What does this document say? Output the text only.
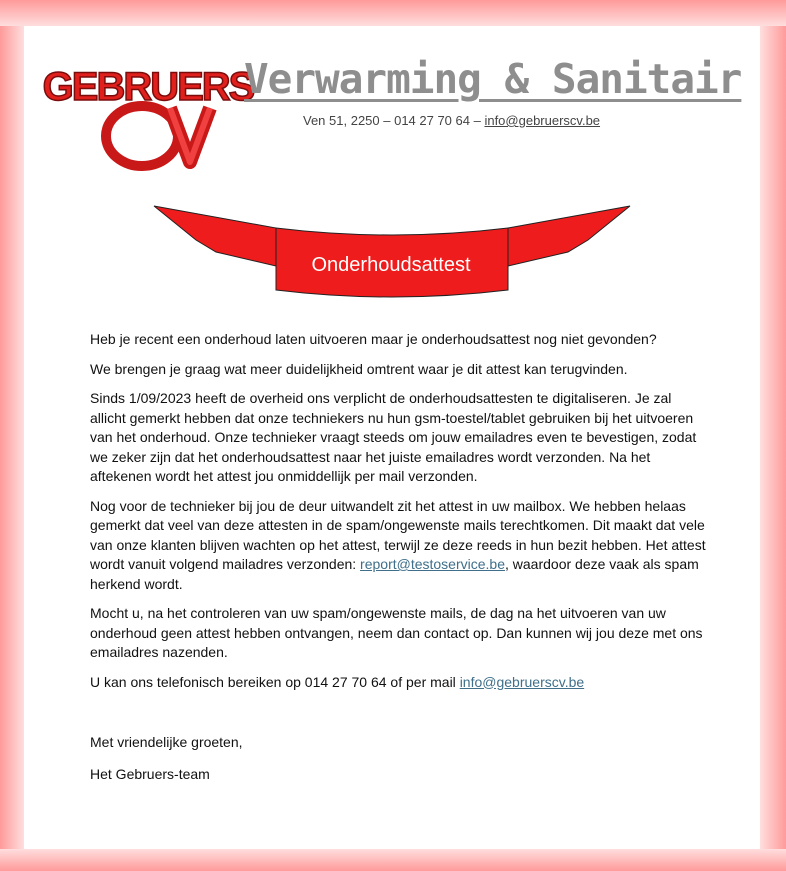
GEBRUERS
Verwarming & Sanitair
Ven 51, 2250 – 014 27 70 64 – info@gebruerscv.be
Onderhoudsattest

Heb je recent een onderhoud laten uitvoeren maar je onderhoudsattest nog niet gevonden?

We brengen je graag wat meer duidelijkheid omtrent waar je dit attest kan terugvinden.

Sinds 1/09/2023 heeft de overheid ons verplicht de onderhoudsattesten te digitaliseren. Je zal allicht gemerkt hebben dat onze techniekers nu hun gsm-toestel/tablet gebruiken bij het uitvoeren van het onderhoud. Onze technieker vraagt steeds om jouw emailadres even te bevestigen, zodat we zeker zijn dat het onderhoudsattest naar het juiste emailadres wordt verzonden. Na het aftekenen wordt het attest jou onmiddellijk per mail verzonden.

Nog voor de technieker bij jou de deur uitwandelt zit het attest in uw mailbox. We hebben helaas gemerkt dat veel van deze attesten in de spam/ongewenste mails terechtkomen. Dit maakt dat vele van onze klanten blijven wachten op het attest, terwijl ze deze reeds in hun bezit hebben. Het attest wordt vanuit volgend mailadres verzonden: report@testoservice.be, waardoor deze vaak als spam herkend wordt.

Mocht u, na het controleren van uw spam/ongewenste mails, de dag na het uitvoeren van uw onderhoud geen attest hebben ontvangen, neem dan contact op. Dan kunnen wij jou deze met ons emailadres nazenden.

U kan ons telefonisch bereiken op 014 27 70 64 of per mail info@gebruerscv.be

Met vriendelijke groeten,

Het Gebruers-team
